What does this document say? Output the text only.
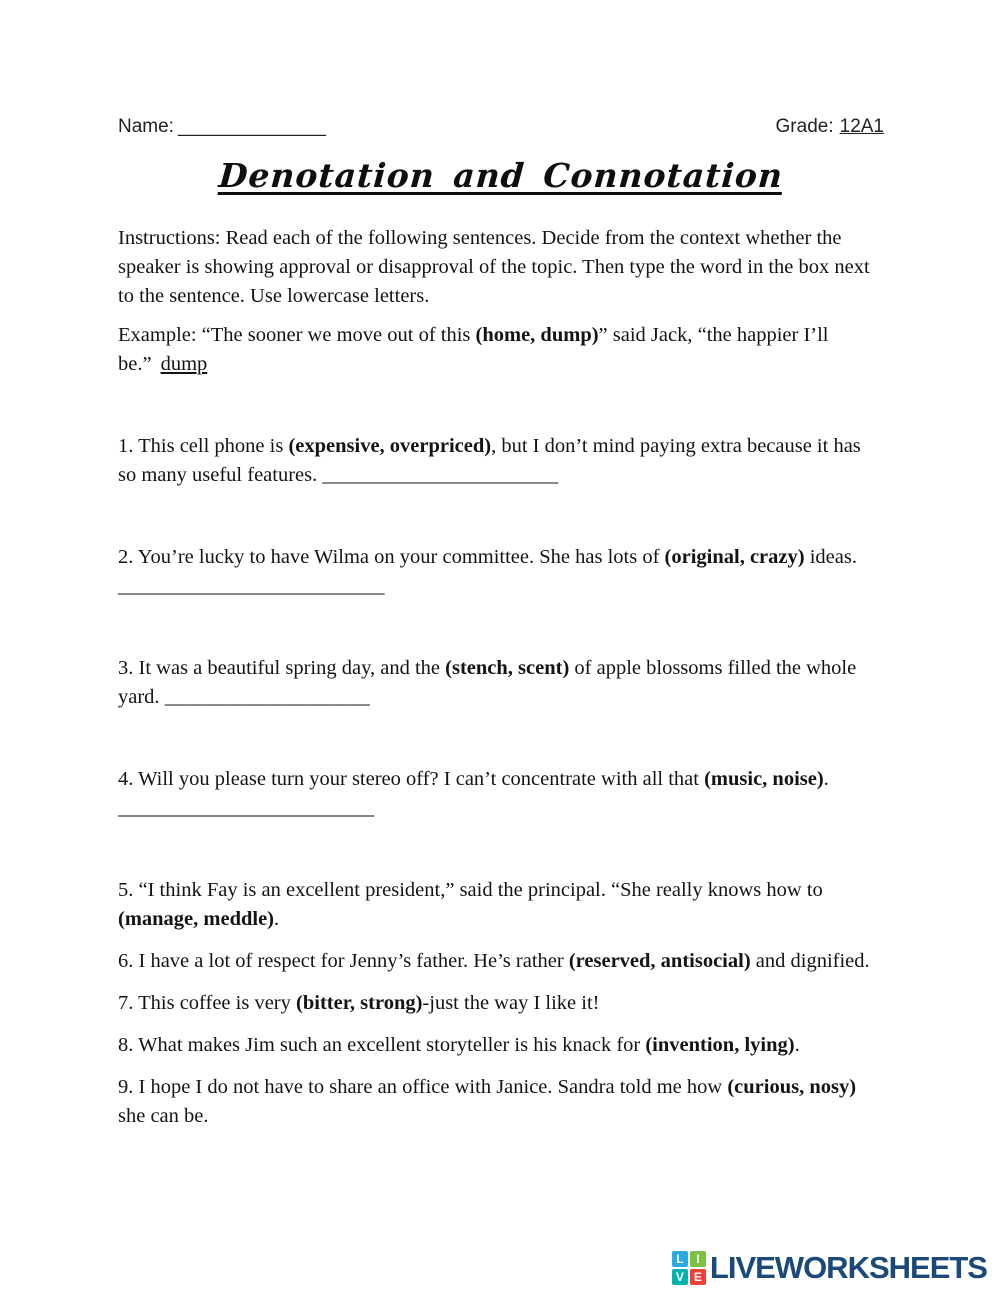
Name: ______________	Grade: 12A1
Denotation and Connotation

Instructions: Read each of the following sentences. Decide from the context whether the speaker is showing approval or disapproval of the topic. Then type the word in the box next to the sentence. Use lowercase letters.

Example: “The sooner we move out of this (home, dump)” said Jack, “the happier I’ll be.” dump

1. This cell phone is (expensive, overpriced), but I don’t mind paying extra because it has so many useful features. _______________________

2. You’re lucky to have Wilma on your committee. She has lots of (original, crazy) ideas. __________________________

3. It was a beautiful spring day, and the (stench, scent) of apple blossoms filled the whole yard. ____________________

4. Will you please turn your stereo off? I can’t concentrate with all that (music, noise). _________________________

5. “I think Fay is an excellent president,” said the principal. “She really knows how to (manage, meddle).

6. I have a lot of respect for Jenny’s father. He’s rather (reserved, antisocial) and dignified.

7. This coffee is very (bitter, strong)-just the way I like it!

8. What makes Jim such an excellent storyteller is his knack for (invention, lying).

9. I hope I do not have to share an office with Janice. Sandra told me how (curious, nosy) she can be.

L	I
V E LIVEWORKSHEETS
